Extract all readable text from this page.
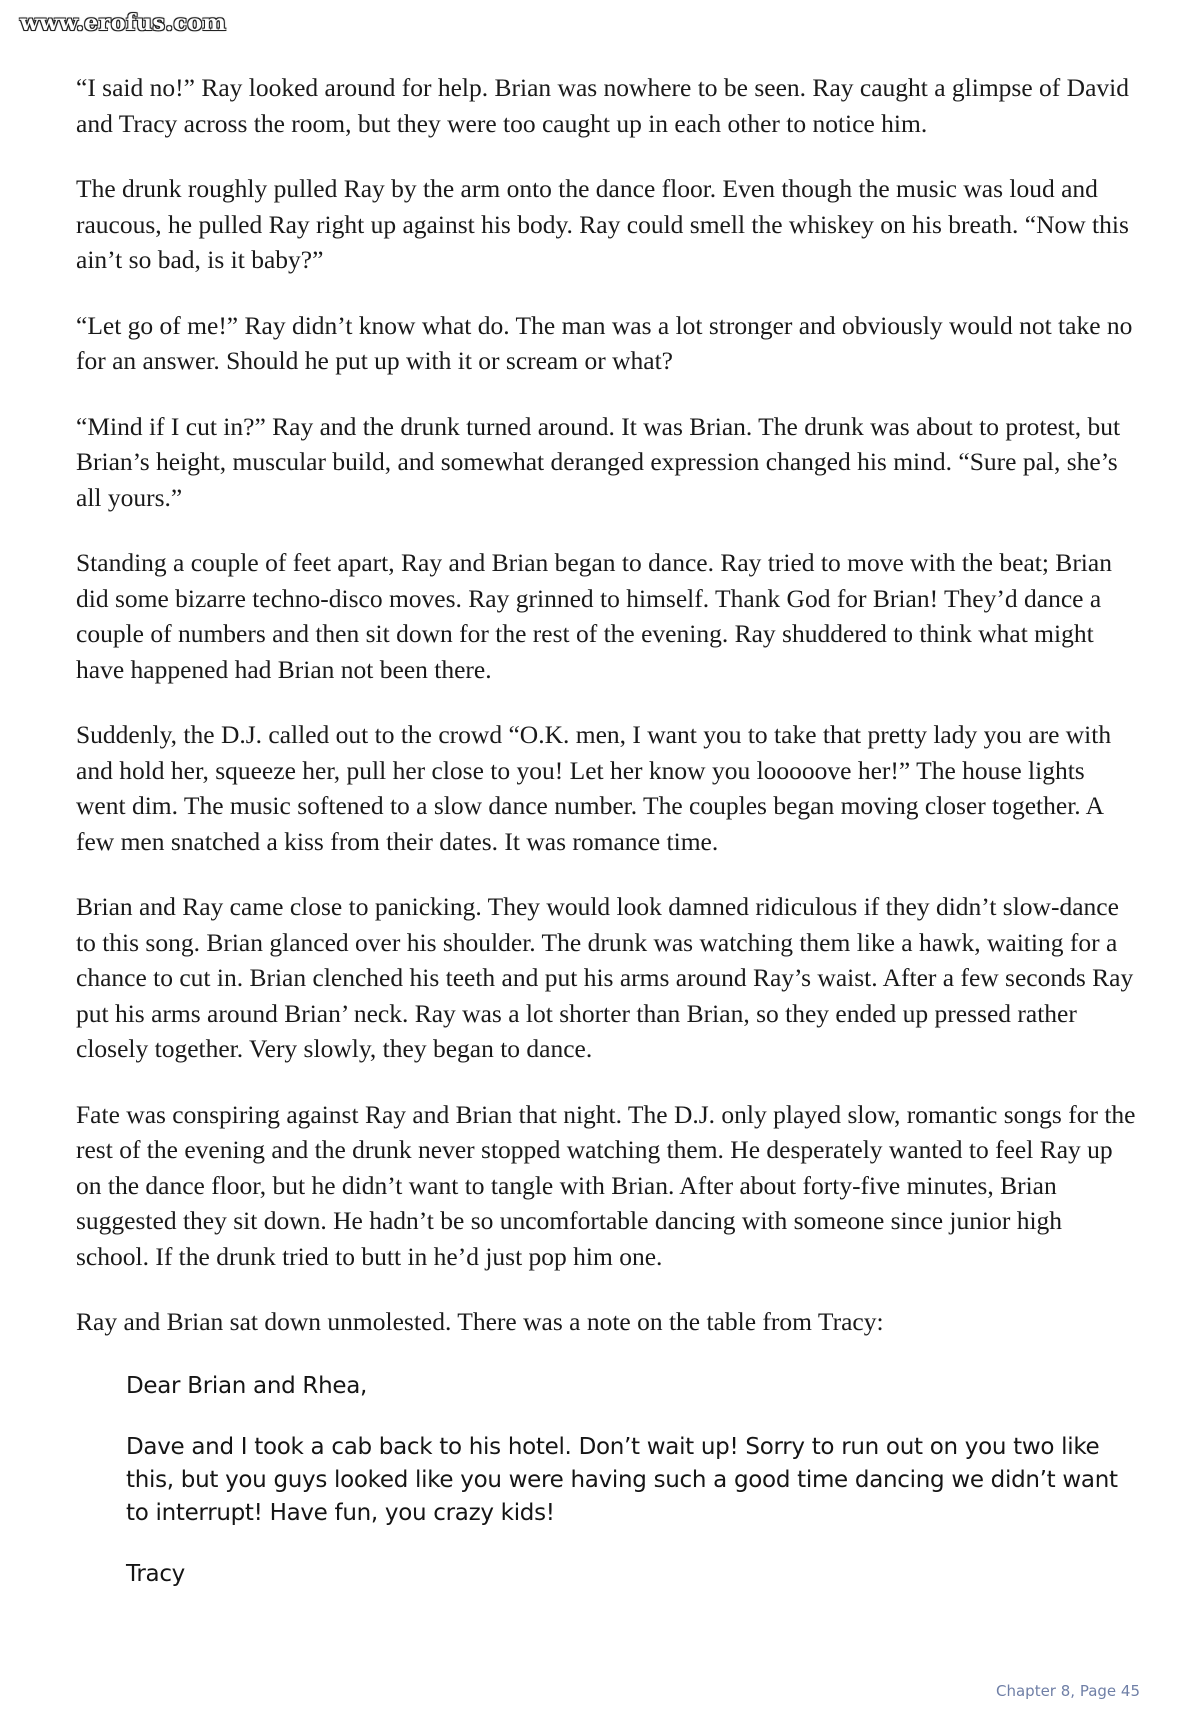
www.erofus.com

“I said no!” Ray looked around for help. Brian was nowhere to be seen. Ray caught a glimpse of David and Tracy across the room, but they were too caught up in each other to notice him.

The drunk roughly pulled Ray by the arm onto the dance floor. Even though the music was loud and raucous, he pulled Ray right up against his body. Ray could smell the whiskey on his breath. “Now this ain’t so bad, is it baby?”

“Let go of me!” Ray didn’t know what do. The man was a lot stronger and obviously would not take no for an answer. Should he put up with it or scream or what?

“Mind if I cut in?” Ray and the drunk turned around. It was Brian. The drunk was about to protest, but Brian’s height, muscular build, and somewhat deranged expression changed his mind. “Sure pal, she’s all yours.”

Standing a couple of feet apart, Ray and Brian began to dance. Ray tried to move with the beat; Brian did some bizarre techno-disco moves. Ray grinned to himself. Thank God for Brian! They’d dance a couple of numbers and then sit down for the rest of the evening. Ray shuddered to think what might have happened had Brian not been there.

Suddenly, the D.J. called out to the crowd “O.K. men, I want you to take that pretty lady you are with and hold her, squeeze her, pull her close to you! Let her know you looooove her!” The house lights went dim. The music softened to a slow dance number. The couples began moving closer together. A few men snatched a kiss from their dates. It was romance time.

Brian and Ray came close to panicking. They would look damned ridiculous if they didn’t slow-dance to this song. Brian glanced over his shoulder. The drunk was watching them like a hawk, waiting for a chance to cut in. Brian clenched his teeth and put his arms around Ray’s waist. After a few seconds Ray put his arms around Brian’ neck. Ray was a lot shorter than Brian, so they ended up pressed rather closely together. Very slowly, they began to dance.

Fate was conspiring against Ray and Brian that night. The D.J. only played slow, romantic songs for the rest of the evening and the drunk never stopped watching them. He desperately wanted to feel Ray up on the dance floor, but he didn’t want to tangle with Brian. After about forty-five minutes, Brian suggested they sit down. He hadn’t be so uncomfortable dancing with someone since junior high school. If the drunk tried to butt in he’d just pop him one.

Ray and Brian sat down unmolested. There was a note on the table from Tracy:

Dear Brian and Rhea,

Dave and I took a cab back to his hotel. Don’t wait up! Sorry to run out on you two like this, but you guys looked like you were having such a good time dancing we didn’t want to interrupt! Have fun, you crazy kids!

Tracy

Chapter 8, Page 45
